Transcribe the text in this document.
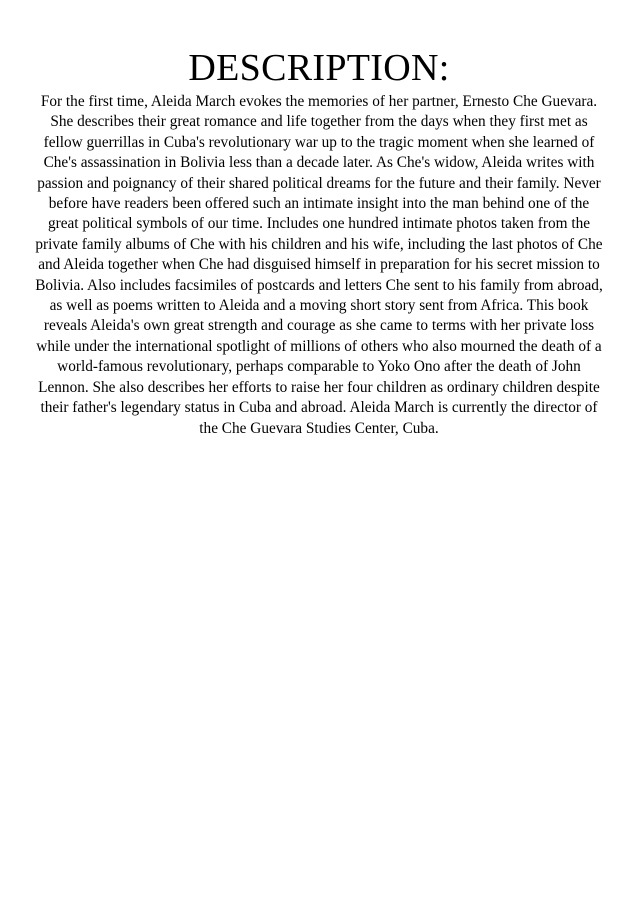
DESCRIPTION:

For the first time, Aleida March evokes the memories of her partner, Ernesto Che Guevara.
She describes their great romance and life together from the days when they first met as
fellow guerrillas in Cuba's revolutionary war up to the tragic moment when she learned of
Che's assassination in Bolivia less than a decade later. As Che's widow, Aleida writes with
passion and poignancy of their shared political dreams for the future and their family. Never
before have readers been offered such an intimate insight into the man behind one of the
great political symbols of our time. Includes one hundred intimate photos taken from the
private family albums of Che with his children and his wife, including the last photos of Che
and Aleida together when Che had disguised himself in preparation for his secret mission to
Bolivia. Also includes facsimiles of postcards and letters Che sent to his family from abroad,
as well as poems written to Aleida and a moving short story sent from Africa. This book
reveals Aleida's own great strength and courage as she came to terms with her private loss
while under the international spotlight of millions of others who also mourned the death of a
world-famous revolutionary, perhaps comparable to Yoko Ono after the death of John
Lennon. She also describes her efforts to raise her four children as ordinary children despite
their father's legendary status in Cuba and abroad. Aleida March is currently the director of
the Che Guevara Studies Center, Cuba.
